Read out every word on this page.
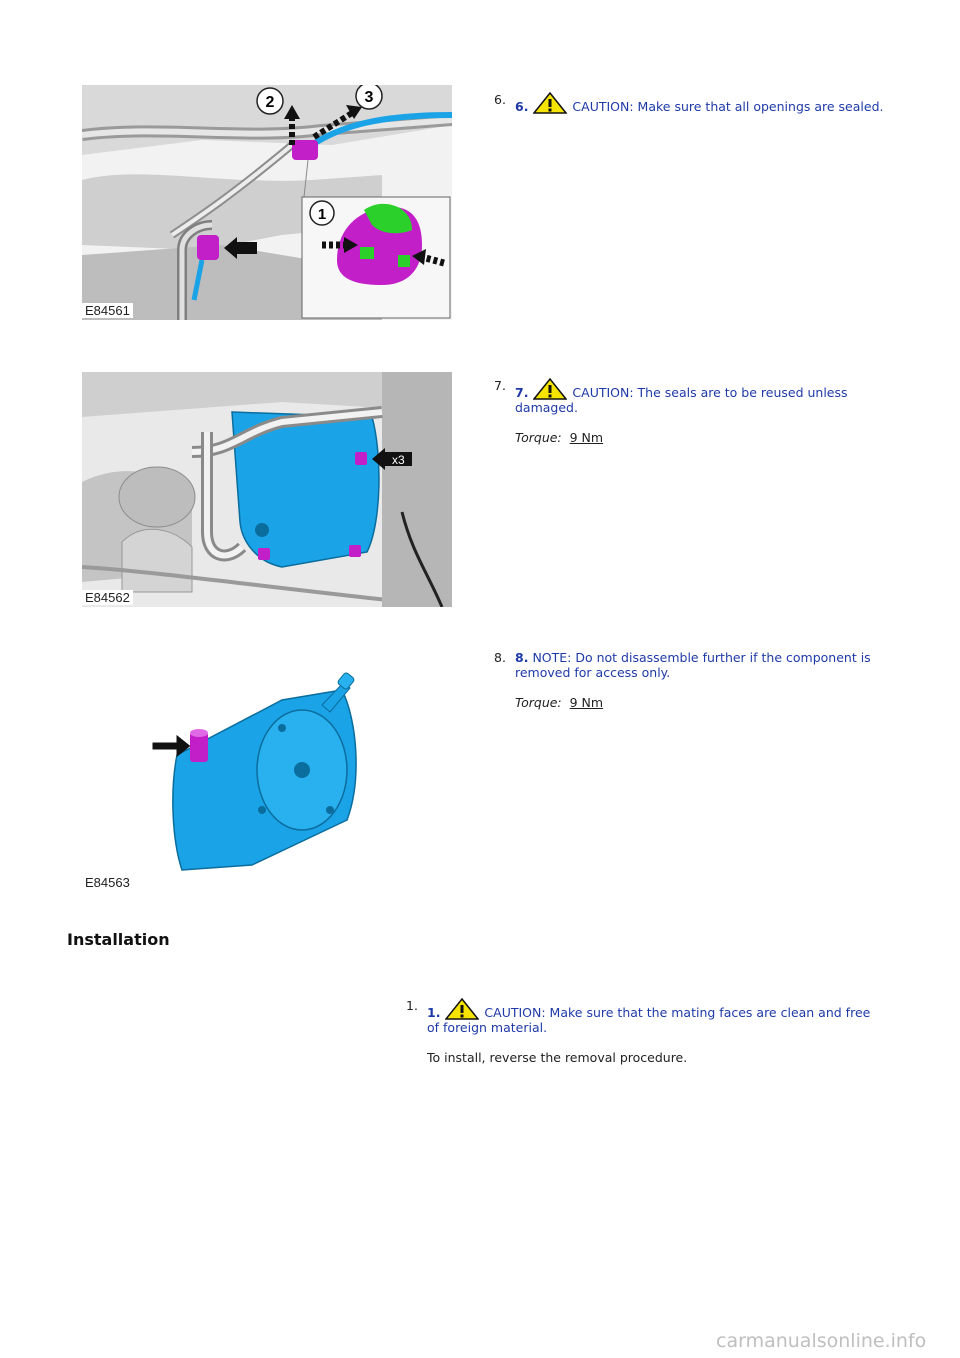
2	3
1
E84561
6. 6.	CAUTION: Make sure that all openings are sealed.
x3
E84562
7. 7.	CAUTION: The seals are to be reused unless damaged.
Torque: 9 Nm
E84563
8. 8. NOTE: Do not disassemble further if the component is removed for access only.
Torque: 9 Nm
Installation
1. 1.	CAUTION: Make sure that the mating faces are clean and free of foreign material.
To install, reverse the removal procedure.
carmanualsonline.info
